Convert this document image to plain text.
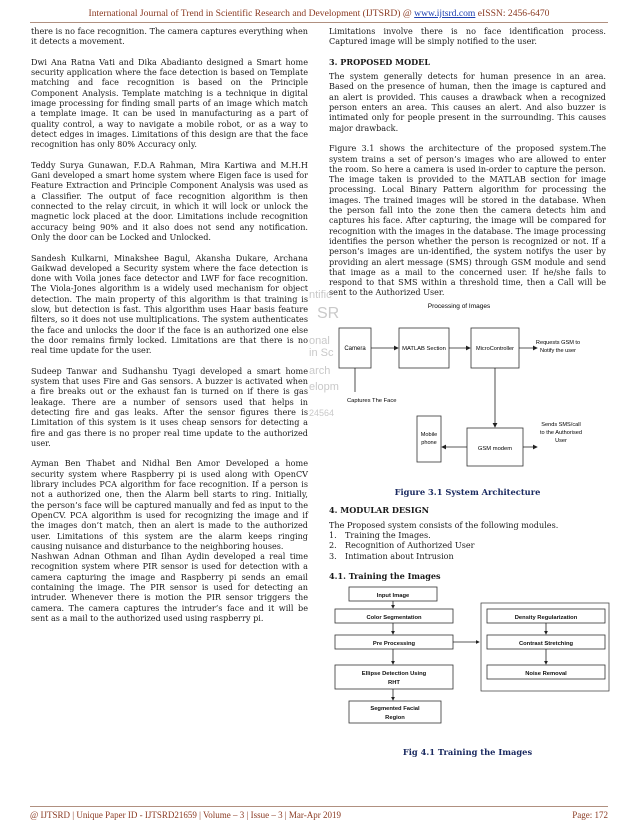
International Journal of Trend in Scientific Research and Development (IJTSRD) @ www.ijtsrd.com eISSN: 2456-6470

there is no face recognition. The camera captures everything when it detects a movement.

Dwi Ana Ratna Vati and Dika Abadianto designed a Smart home security application where the face detection is based on Template matching and face recognition is based on the Principle Component Analysis. Template matching is a technique in digital image processing for finding small parts of an image which match a template image. It can be used in manufacturing as a part of quality control, a way to navigate a mobile robot, or as a way to detect edges in images. Limitations of this design are that the face recognition has only 80% Accuracy only.

Teddy Surya Gunawan, F.D.A Rahman, Mira Kartiwa and M.H.H Gani developed a smart home system where Eigen face is used for Feature Extraction and Principle Component Analysis was used as a Classifier. The output of face recognition algorithm is then connected to the relay circuit, in which it will lock or unlock the magnetic lock placed at the door. Limitations include recognition accuracy being 90% and it also does not send any notification. Only the door can be Locked and Unlocked.

Sandesh Kulkarni, Minakshee Bagul, Akansha Dukare, Archana Gaikwad developed a Security system where the face detection is done with Voila jones face detector and LWF for face recognition. The Viola-Jones algorithm is a widely used mechanism for object detection. The main property of this algorithm is that training is slow, but detection is fast. This algorithm uses Haar basis feature filters, so it does not use multiplications. The system authenticates the face and unlocks the door if the face is an authorized one else the door remains firmly locked. Limitations are that there is no real time update for the user.

Sudeep Tanwar and Sudhanshu Tyagi developed a smart home system that uses Fire and Gas sensors. A buzzer is activated when a fire breaks out or the exhaust fan is turned on if there is gas leakage. There are a number of sensors used that helps in detecting fire and gas leaks. After the sensor figures there is Limitation of this system is it uses cheap sensors for detecting a fire and gas there is no proper real time update to the authorized user.

Ayman Ben Thabet and Nidhal Ben Amor Developed a home security system where Raspberry pi is used along with OpenCV library includes PCA algorithm for face recognition. If a person is not a authorized one, then the Alarm bell starts to ring. Initially, the person’s face will be captured manually and fed as input to the OpenCV. PCA algorithm is used for recognizing the image and if the images don’t match, then an alert is made to the authorized user. Limitations of this system are the alarm keeps ringing causing nuisance and disturbance to the neighboring houses.

Nashwan Adnan Othman and Ilhan Aydin developed a real time recognition system where PIR sensor is used for detection with a camera capturing the image and Raspberry pi sends an email containing the image. The PIR sensor is used for detecting an intruder. Whenever there is motion the PIR sensor triggers the camera. The camera captures the intruder’s face and it will be sent as a mail to the authorized used using raspberry pi.

Limitations involve there is no face identification process. Captured image will be simply notified to the user.

3. PROPOSED MODEL

The system generally detects for human presence in an area. Based on the presence of human, then the image is captured and an alert is provided. This causes a drawback when a recognized person enters an area. This causes an alert. And also buzzer is intimated only for people present in the surrounding. This causes major drawback.

Figure 3.1 shows the architecture of the proposed system.The system trains a set of person’s images who are allowed to enter the room. So here a camera is used in-order to capture the person. The image taken is provided to the MATLAB section for image processing. Local Binary Pattern algorithm for processing the images. The trained images will be stored in the database. When the person fall into the zone then the camera detects him and captures his face. After capturing, the image will be compared for recognition with the images in the database. The image processing identifies the person whether the person is recognized or not. If a person’s images are un-identified, the system notifys the user by providing an alert message (SMS) through GSM module and send that image as a mail to the concerned user. If he/she fails to respond to that SMS within a threshold time, then a Call will be sent to the Authorized User.

Processing of Images
Camera	MATLAB Section	MicroController
Requests GSM to
Notify the user
Captures The Face
Mobile
phone
GSM modem
Sends SMS/call
to the Authorised
User
ntific
SR
onal
in Sc
arch
elopm
24564
Figure 3.1 System Architecture
4. MODULAR DESIGN
The Proposed system consists of the following modules.
1. Training the Images.
2. Recognition of Authorized User
3. Intimation about Intrusion
4.1. Training the Images
Input Image
Color Segmentation
Pre Processing
Ellipse Detection Using
RHT
Segmented Facial
Region
Density Regularization
Contrast Stretching
Noise Removal
Fig 4.1 Training the Images
@ IJTSRD | Unique Paper ID - IJTSRD21659 | Volume – 3 | Issue – 3 | Mar-Apr 2019	Page: 172
